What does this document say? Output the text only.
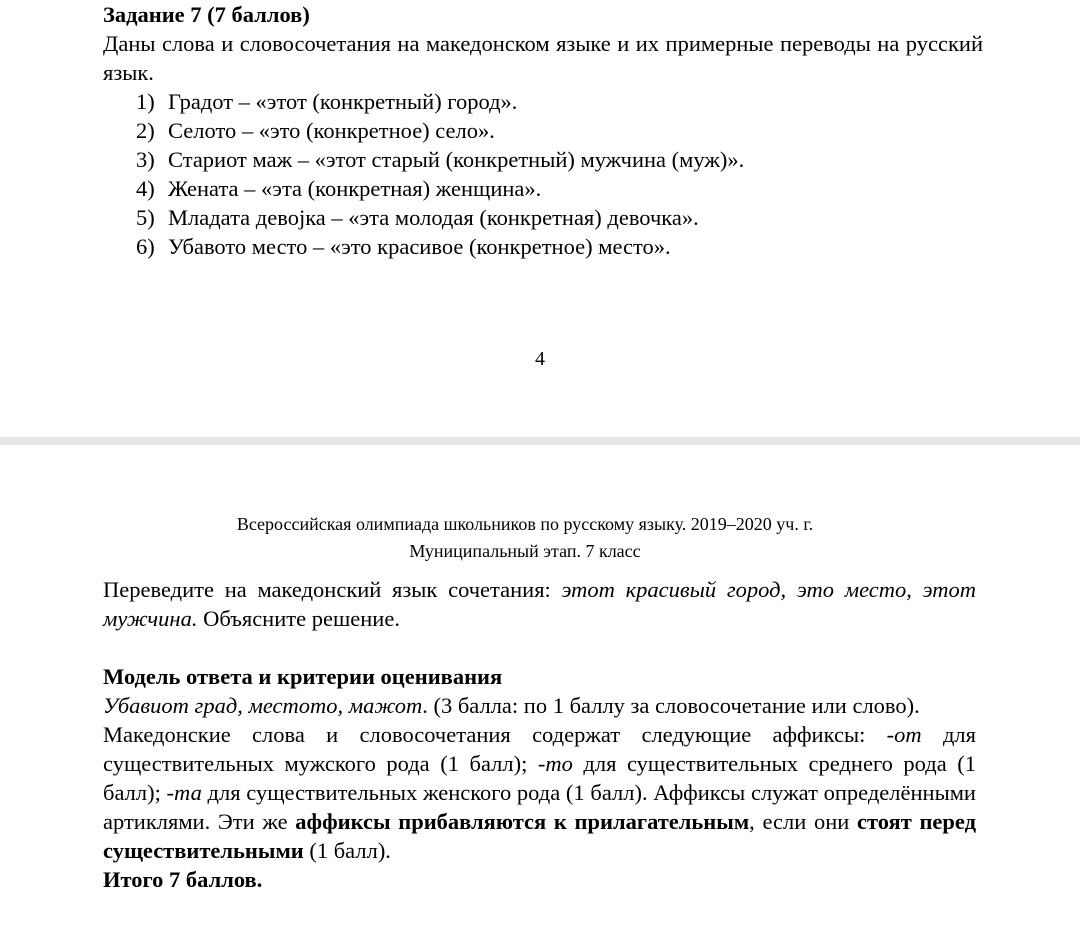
Задание 7 (7 баллов)
Даны слова и словосочетания на македонском языке и их примерные переводы на русский язык.
1) Градот – «этот (конкретный) город».
2) Селото – «это (конкретное) село».
3) Стариот маж – «этот старый (конкретный) мужчина (муж)».
4) Жената – «эта (конкретная) женщина».
5) Младата девојка – «эта молодая (конкретная) девочка».
6) Убавото место – «это красивое (конкретное) место».
4
Всероссийская олимпиада школьников по русскому языку. 2019–2020 уч. г.
Муниципальный этап. 7 класс
Переведите на македонский язык сочетания: этот красивый город, это место, этот мужчина. Объясните решение.
Модель ответа и критерии оценивания
Убавиот град, местото, мажот. (3 балла: по 1 баллу за словосочетание или слово).
Македонские слова и словосочетания содержат следующие аффиксы: -от для существительных мужского рода (1 балл); -то для существительных среднего рода (1 балл); -та для существительных женского рода (1 балл). Аффиксы служат определёнными артиклями. Эти же аффиксы прибавляются к прилагательным, если они стоят перед существительными (1 балл).
Итого 7 баллов.
